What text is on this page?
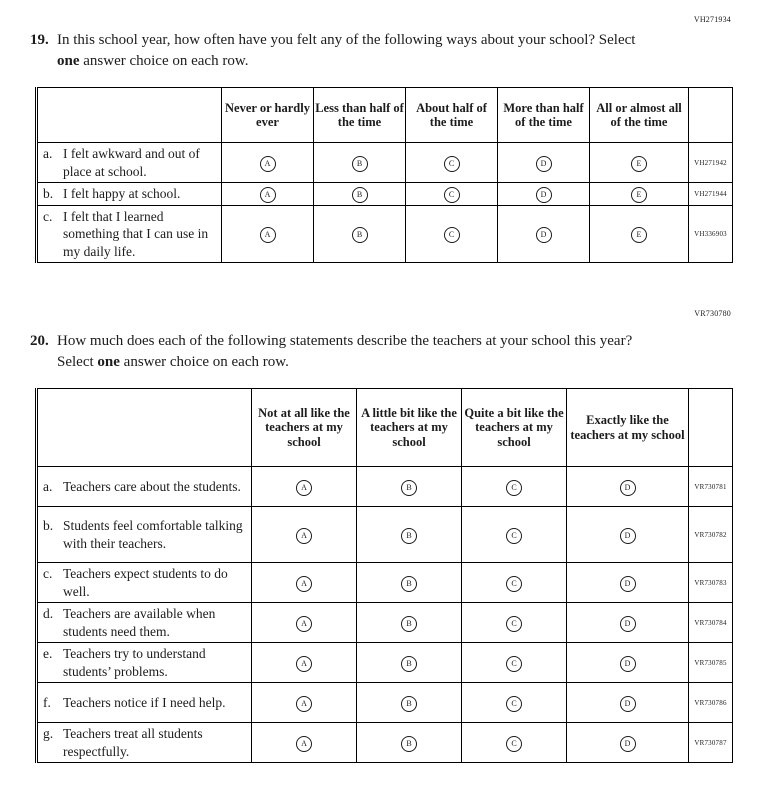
VH271934
19. In this school year, how often have you felt any of the following ways about your school? Select one answer choice on each row.
	Never or hardly ever	Less than half of the time	About half of the time	More than half of the time	All or almost all of the time	

a. I felt awkward and out of place at school.	A	B	C	D	E	VH271942

b. I felt happy at school.	A	B	C	D	E	VH271944

c. I felt that I learned something that I can use in my daily life.	A	B	C	D	E	VH336903
VR730780
20. How much does each of the following statements describe the teachers at your school this year? Select one answer choice on each row.
	Not at all like the teachers at my school	A little bit like the teachers at my school	Quite a bit like the teachers at my school	Exactly like the teachers at my school	

a. Teachers care about the students.	A	B	C	D	VR730781

b. Students feel comfortable talking with their teachers.	A	B	C	D	VR730782

c. Teachers expect students to do well.	A	B	C	D	VR730783

d. Teachers are available when students need them.	A	B	C	D	VR730784

e. Teachers try to understand students’ problems.	A	B	C	D	VR730785

f. Teachers notice if I need help.	A	B	C	D	VR730786

g. Teachers treat all students respectfully.	A	B	C	D	VR730787
